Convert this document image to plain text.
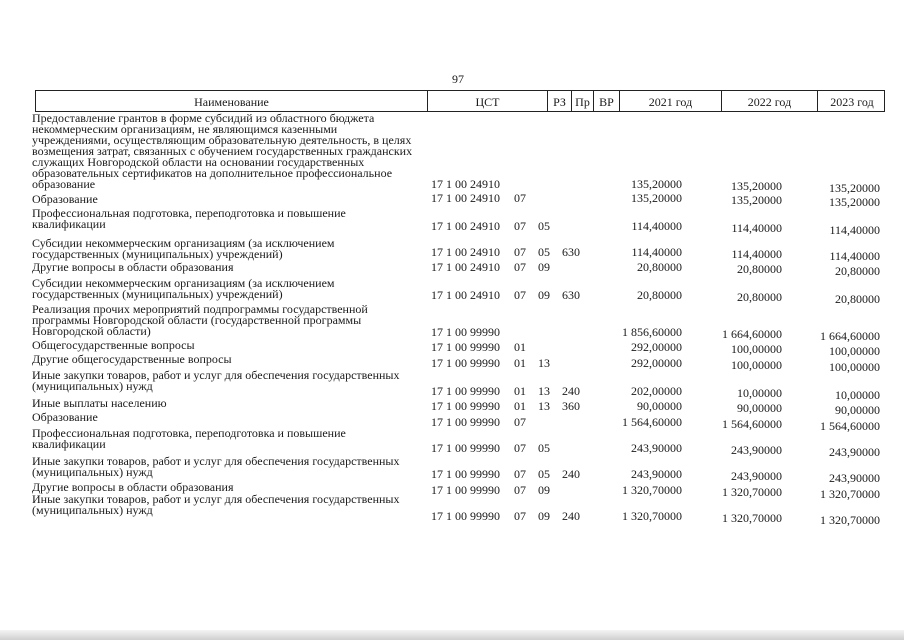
97
Наименование	ЦСТ	РЗ Пр ВР	2021 год	2022 год	2023 год
Предоставление грантов в форме субсидий из областного бюджета некоммерческим организациям, не являющимся казенными учреждениями, осуществляющим образовательную деятельность, в целях возмещения затрат, связанных с обучением государственных гражданских служащих Новгородской области на основании государственных образовательных сертификатов на дополнительное профессиональное образование	17 1 00 24910	135,20000	135,20000	135,20000
Образование	17 1 00 24910 07	135,20000	135,20000	135,20000
Профессиональная подготовка, переподготовка и повышение квалификации	17 1 00 24910 07 05	114,40000	114,40000	114,40000
Субсидии некоммерческим организациям (за исключением государственных (муниципальных) учреждений)	17 1 00 24910 07 05 630	114,40000	114,40000	114,40000
Другие вопросы в области образования	17 1 00 24910 07 09	20,80000	20,80000	20,80000
Субсидии некоммерческим организациям (за исключением государственных (муниципальных) учреждений)	17 1 00 24910 07 09 630	20,80000	20,80000	20,80000
Реализация прочих мероприятий подпрограммы государственной программы Новгородской области (государственной программы Новгородской области)	17 1 00 99990	1 856,60000	1 664,60000	1 664,60000
Общегосударственные вопросы	17 1 00 99990 01	292,00000	100,00000	100,00000
Другие общегосударственные вопросы	17 1 00 99990 01 13	292,00000	100,00000	100,00000
Иные закупки товаров, работ и услуг для обеспечения государственных (муниципальных) нужд	17 1 00 99990 01 13 240	202,00000	10,00000	10,00000
Иные выплаты населению	17 1 00 99990 01 13 360	90,00000	90,00000	90,00000
Образование	17 1 00 99990 07	1 564,60000	1 564,60000	1 564,60000
Профессиональная подготовка, переподготовка и повышение квалификации	17 1 00 99990 07 05	243,90000	243,90000	243,90000
Иные закупки товаров, работ и услуг для обеспечения государственных (муниципальных) нужд	17 1 00 99990 07 05 240	243,90000	243,90000	243,90000
Другие вопросы в области образования	17 1 00 99990 07 09	1 320,70000	1 320,70000	1 320,70000
Иные закупки товаров, работ и услуг для обеспечения государственных (муниципальных) нужд	17 1 00 99990 07 09 240	1 320,70000	1 320,70000	1 320,70000
